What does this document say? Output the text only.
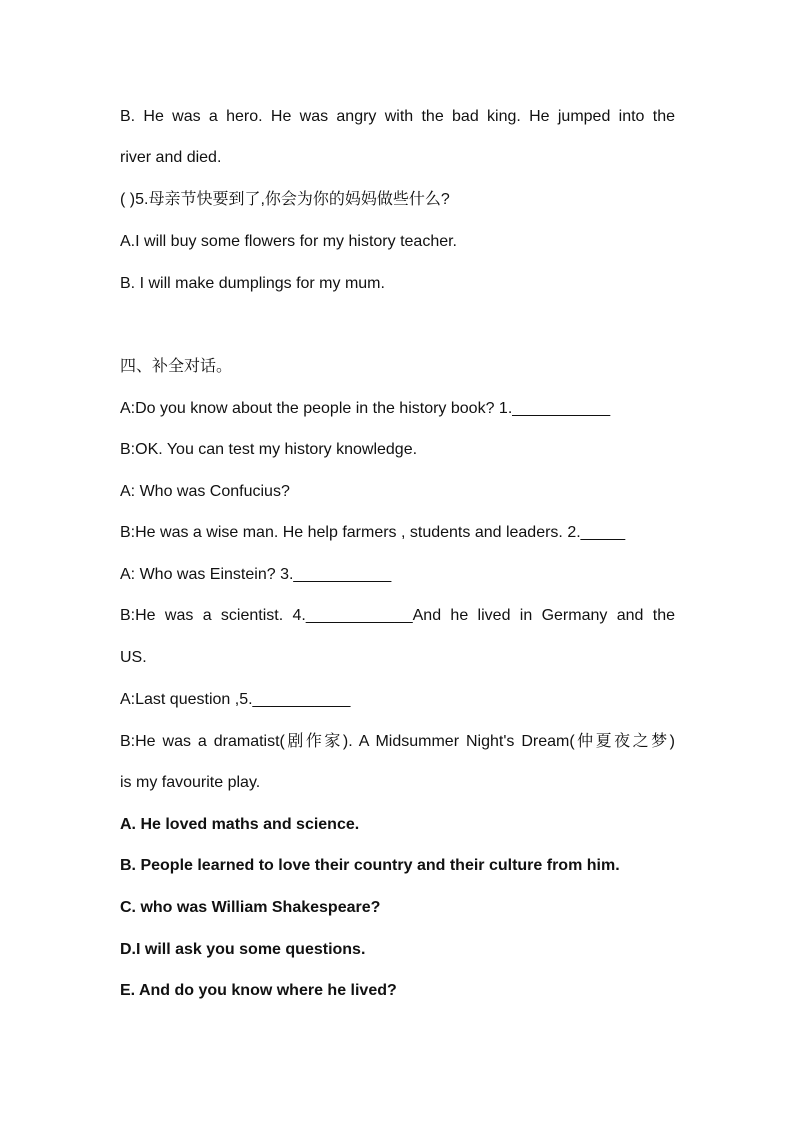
B. He was a hero. He was angry with the bad king. He jumped into the
river and died.
( )5.母亲节快要到了,你会为你的妈妈做些什么?
A.I will buy some flowers for my history teacher.
B. I will make dumplings for my mum.
四、补全对话。
A:Do you know about the people in the history book? 1.___________
B:OK. You can test my history knowledge.
A: Who was Confucius?
B:He was a wise man. He help farmers , students and leaders. 2._____
A: Who was Einstein? 3.___________
B:He was a scientist. 4.____________And he lived in Germany and the
US.
A:Last question ,5.___________
B:He was a dramatist(剧作家). A Midsummer Night's Dream(仲夏夜之梦)
is my favourite play.
A. He loved maths and science.
B. People learned to love their country and their culture from him.
C. who was William Shakespeare?
D.I will ask you some questions.
E. And do you know where he lived?
